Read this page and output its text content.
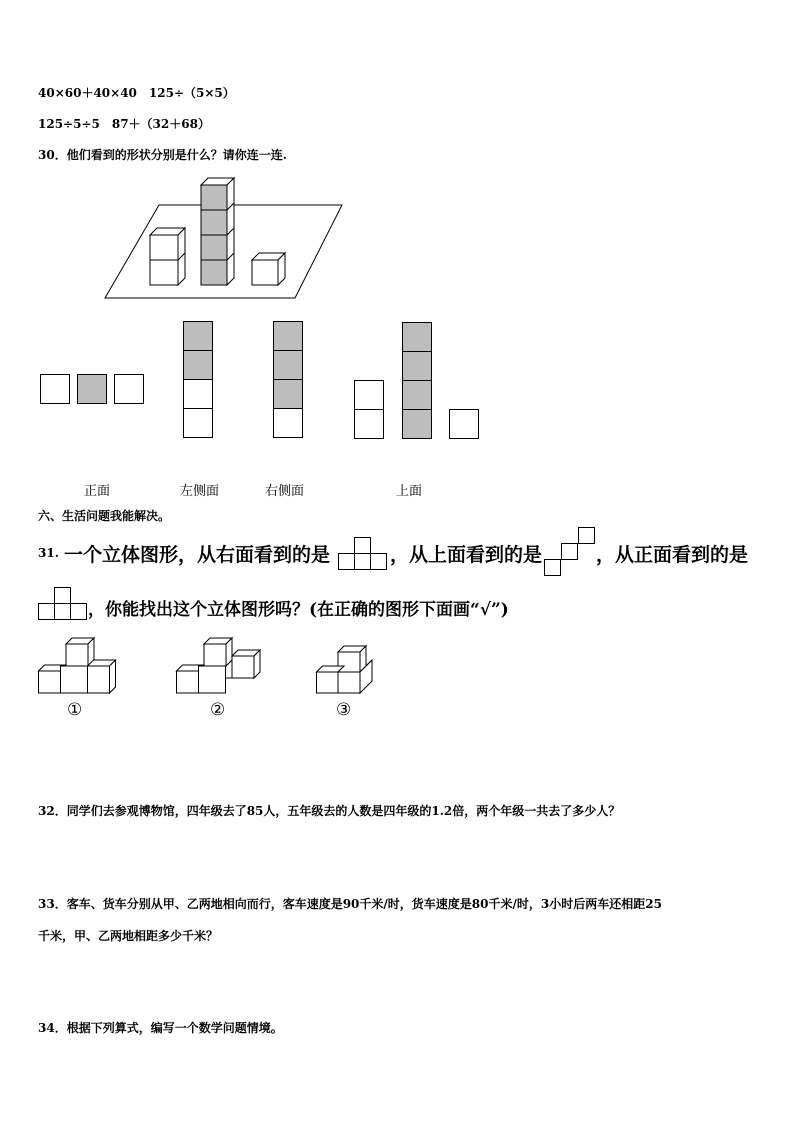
40×60＋40×40　125÷（5×5）
125÷5÷5　87＋（32＋68）
30．他们看到的形状分别是什么？请你连一连.
正面	左侧面	右侧面	上面
六、生活问题我能解决。
31. 一个立体图形，从右面看到的是	，从上面看到的是	，从正面看到的是
，你能找出这个立体图形吗？(在正确的图形下面画“√”)
①	②	③
32．同学们去参观博物馆，四年级去了85人，五年级去的人数是四年级的1.2倍，两个年级一共去了多少人？
33．客车、货车分别从甲、乙两地相向而行，客车速度是90千米/时，货车速度是80千米/时，3小时后两车还相距25
千米，甲、乙两地相距多少千米？
34．根据下列算式，编写一个数学问题情境。
